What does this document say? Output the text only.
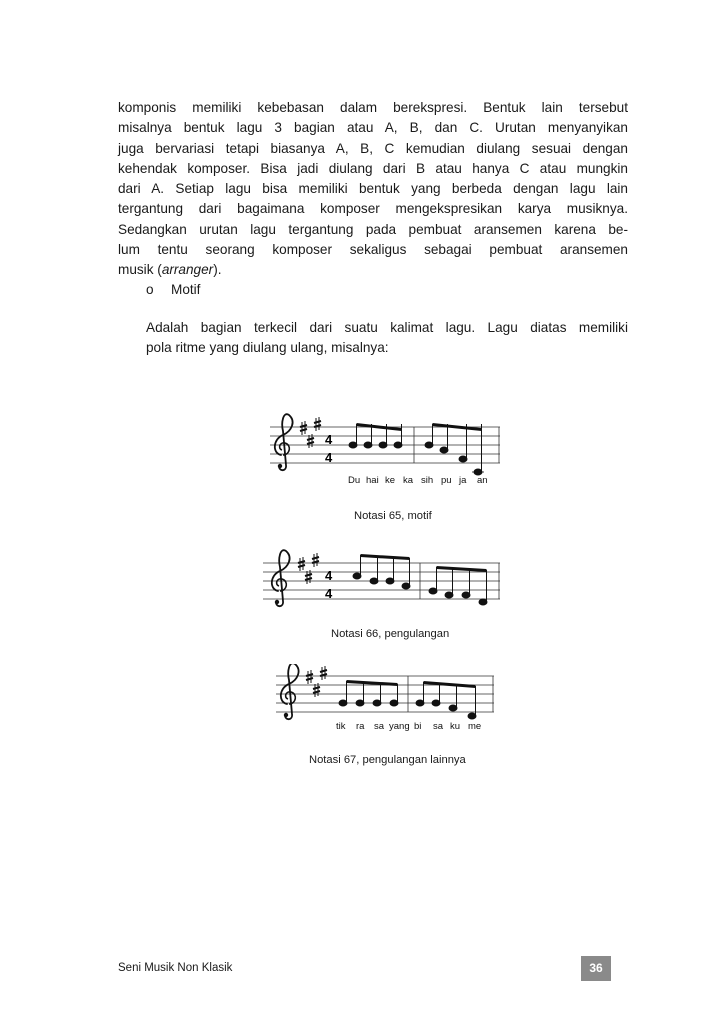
komponis memiliki kebebasan dalam berekspresi. Bentuk lain tersebut
misalnya bentuk lagu 3 bagian atau A, B, dan C. Urutan menyanyikan
juga bervariasi tetapi biasanya A, B, C kemudian diulang sesuai dengan
kehendak komposer. Bisa jadi diulang dari B atau hanya C atau mungkin
dari A. Setiap lagu bisa memiliki bentuk yang berbeda dengan lagu lain
tergantung dari bagaimana komposer mengekspresikan karya musiknya.
Sedangkan urutan lagu tergantung pada pembuat aransemen karena be-
lum tentu seorang komposer sekaligus sebagai pembuat aransemen
musik (arranger).
o Motif
Adalah bagian terkecil dari suatu kalimat lagu. Lagu diatas memiliki
pola ritme yang diulang ulang, misalnya:
4
4
Du hai ke ka sih pu ja an
Notasi 65, motif
4
4
Notasi 66, pengulangan
tik ra sa yang bi sa ku me
Notasi 67, pengulangan lainnya
Seni Musik Non Klasik	36
